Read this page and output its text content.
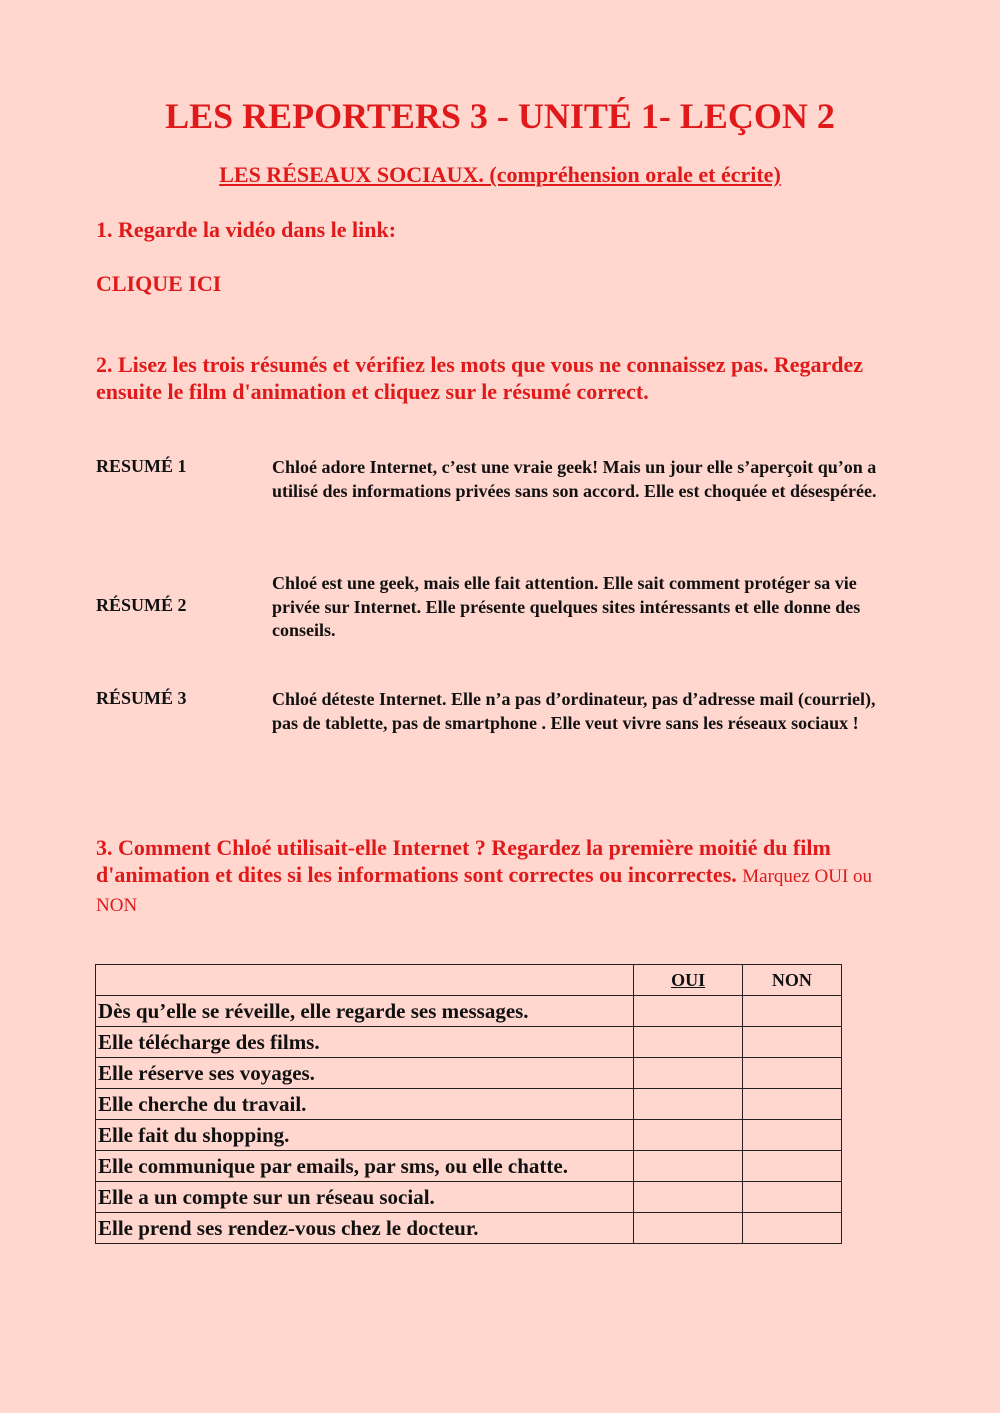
LES REPORTERS 3 - UNITÉ 1- LEÇON 2
LES RÉSEAUX SOCIAUX. (compréhension orale et écrite)
1. Regarde la vidéo dans le link:
CLIQUE ICI
2. Lisez les trois résumés et vérifiez les mots que vous ne connaissez pas. Regardez ensuite le film d'animation et cliquez sur le résumé correct.
RESUMÉ 1	Chloé adore Internet, c’est une vraie geek! Mais un jour elle s’aperçoit qu’on a utilisé des informations privées sans son accord. Elle est choquée et désespérée.
RÉSUMÉ 2
Chloé est une geek, mais elle fait attention. Elle sait comment protéger sa vie privée sur Internet. Elle présente quelques sites intéressants et elle donne des conseils.
RÉSUMÉ 3	Chloé déteste Internet. Elle n’a pas d’ordinateur, pas d’adresse mail (courriel), pas de tablette, pas de smartphone . Elle veut vivre sans les réseaux sociaux !
3. Comment Chloé utilisait-elle Internet ? Regardez la première moitié du film d'animation et dites si les informations sont correctes ou incorrectes. Marquez OUI ou NON
	OUI	NON
Dès qu’elle se réveille, elle regarde ses messages.		
Elle télécharge des films.		
Elle réserve ses voyages.		
Elle cherche du travail.		
Elle fait du shopping.		
Elle communique par emails, par sms, ou elle chatte.		
Elle a un compte sur un réseau social.		
Elle prend ses rendez-vous chez le docteur.		
